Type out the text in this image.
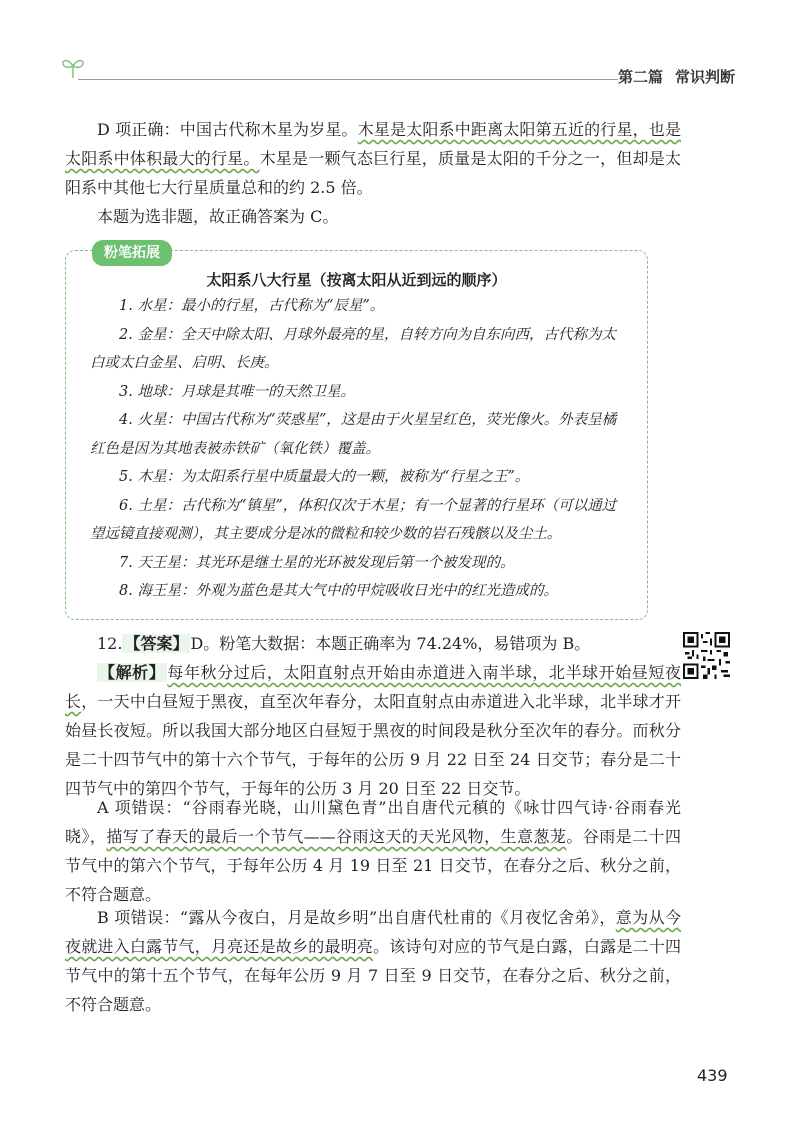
第二篇 常识判断
D 项正确：中国古代称木星为岁星。木星是太阳系中距离太阳第五近的行星，也是太阳系中体积最大的行星。木星是一颗气态巨行星，质量是太阳的千分之一，但却是太阳系中其他七大行星质量总和的约 2.5 倍。
本题为选非题，故正确答案为 C。
粉笔拓展
太阳系八大行星（按离太阳从近到远的顺序）
1. 水星：最小的行星，古代称为“辰星”。
2. 金星：全天中除太阳、月球外最亮的星，自转方向为自东向西，古代称为太白或太白金星、启明、长庚。
3. 地球：月球是其唯一的天然卫星。
4. 火星：中国古代称为“荧惑星”，这是由于火星呈红色，荧光像火。外表呈橘红色是因为其地表被赤铁矿（氧化铁）覆盖。
5. 木星：为太阳系行星中质量最大的一颗，被称为“行星之王”。
6. 土星：古代称为“镇星”，体积仅次于木星；有一个显著的行星环（可以通过望远镜直接观测），其主要成分是冰的微粒和较少数的岩石残骸以及尘土。
7. 天王星：其光环是继土星的光环被发现后第一个被发现的。
8. 海王星：外观为蓝色是其大气中的甲烷吸收日光中的红光造成的。
12. 【答案】 D。粉笔大数据：本题正确率为 74.24%，易错项为 B。
【解析】 每年秋分过后，太阳直射点开始由赤道进入南半球，北半球开始昼短夜长，一天中白昼短于黑夜，直至次年春分，太阳直射点由赤道进入北半球，北半球才开始昼长夜短。所以我国大部分地区白昼短于黑夜的时间段是秋分至次年的春分。而秋分是二十四节气中的第十六个节气，于每年的公历 9 月 22 日至 24 日交节；春分是二十四节气中的第四个节气，于每年的公历 3 月 20 日至 22 日交节。
A 项错误：“谷雨春光晓，山川黛色青”出自唐代元稹的《咏廿四气诗·谷雨春光晓》，描写了春天的最后一个节气——谷雨这天的天光风物，生意葱茏。谷雨是二十四节气中的第六个节气，于每年公历 4 月 19 日至 21 日交节，在春分之后、秋分之前，不符合题意。
B 项错误：“露从今夜白，月是故乡明”出自唐代杜甫的《月夜忆舍弟》，意为从今夜就进入白露节气，月亮还是故乡的最明亮。该诗句对应的节气是白露，白露是二十四节气中的第十五个节气，在每年公历 9 月 7 日至 9 日交节，在春分之后、秋分之前，不符合题意。
439
